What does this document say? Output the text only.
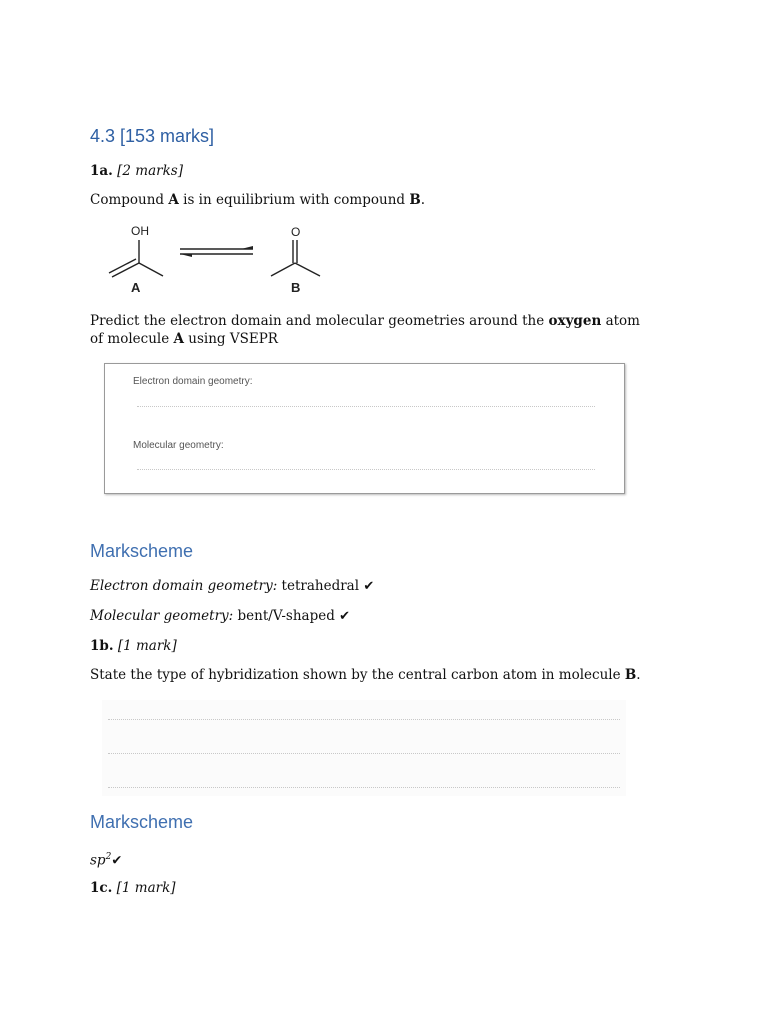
4.3 [153 marks]

1a. [2 marks]

Compound A is in equilibrium with compound B.

OH
A
O
B

Predict the electron domain and molecular geometries around the oxygen atom of molecule A using VSEPR

Electron domain geometry:
Molecular geometry:
Markscheme

Electron domain geometry: tetrahedral ✔

Molecular geometry: bent/V-shaped ✔

1b. [1 mark]

State the type of hybridization shown by the central carbon atom in molecule B.

Markscheme

$sp^2✔$

1c. [1 mark]
